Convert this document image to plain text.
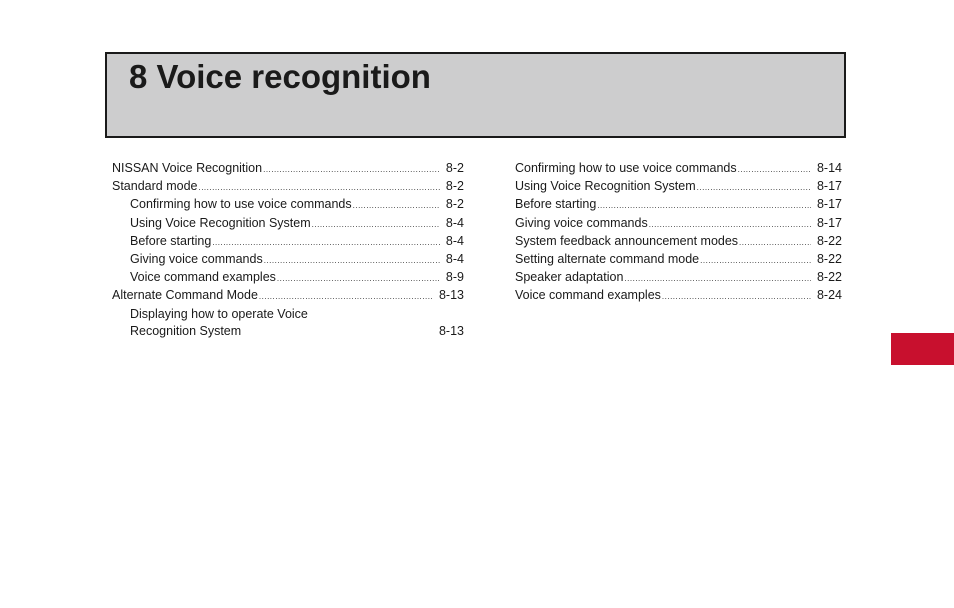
8 Voice recognition
NISSAN Voice Recognition .....	8-2
Standard mode .....	8-2
Confirming how to use voice commands .....	8-2
Using Voice Recognition System .....	8-4
Before starting .....	8-4
Giving voice commands .....	8-4
Voice command examples .....	8-9
Alternate Command Mode .....	8-13
Displaying how to operate Voice
Recognition System	8-13
Confirming how to use voice commands .....	8-14
Using Voice Recognition System .....	8-17
Before starting .....	8-17
Giving voice commands .....	8-17
System feedback announcement modes .....	8-22
Setting alternate command mode .....	8-22
Speaker adaptation .....	8-22
Voice command examples .....	8-24
